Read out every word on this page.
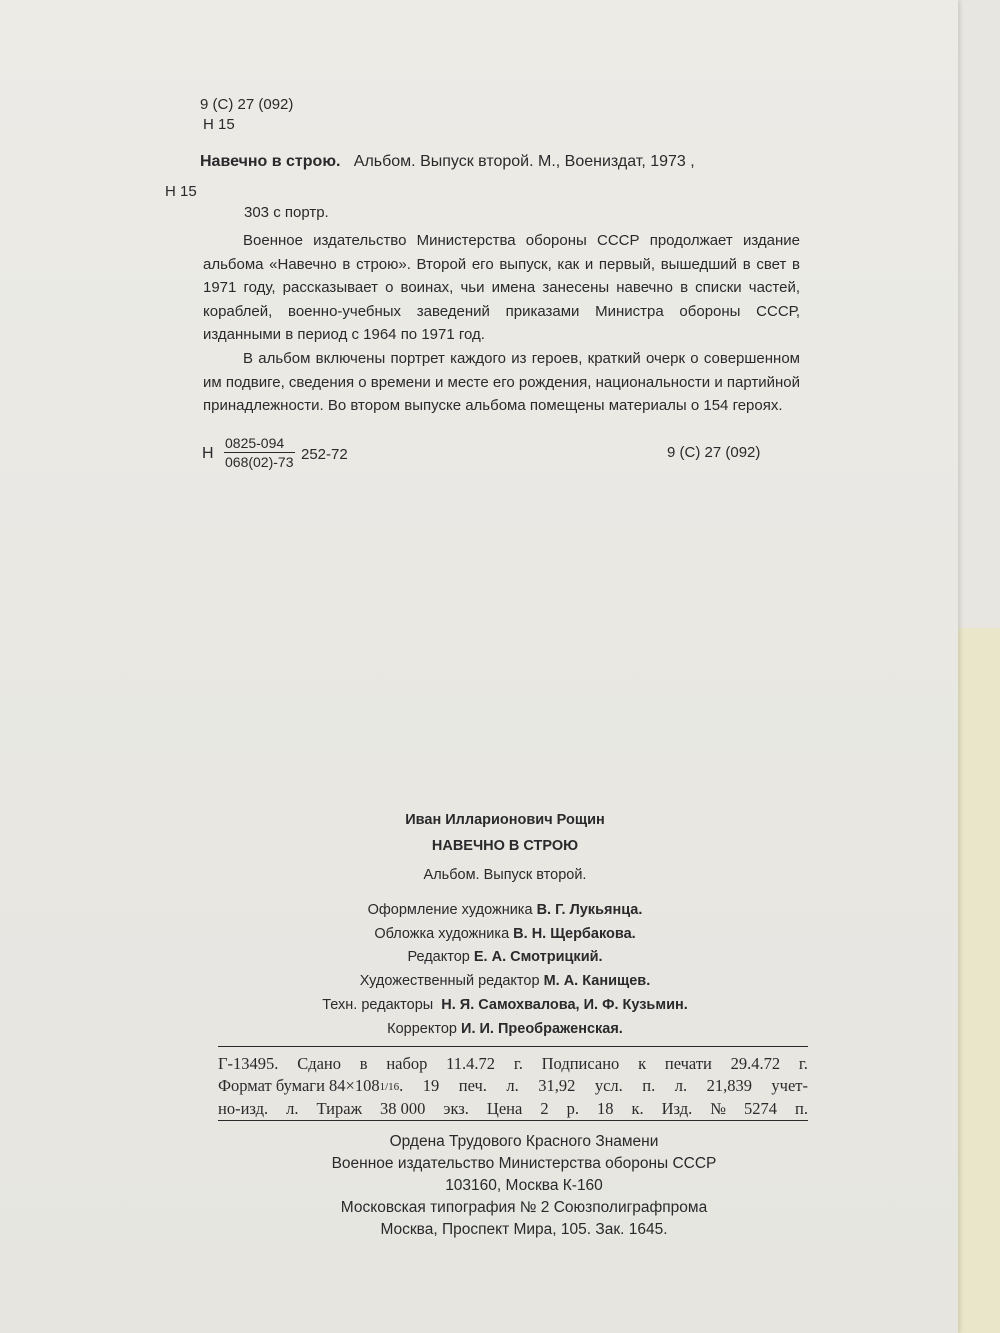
9 (С) 27 (092)
Н 15
Навечно в строю. Альбом. Выпуск второй. М., Воениздат, 1973 ,
Н 15
303 с портр.

Военное издательство Министерства обороны СССР продолжает издание альбома «Навечно в строю». Второй его выпуск, как и первый, вышедший в свет в 1971 году, рассказывает о воинах, чьи имена занесены навечно в списки частей, кораблей, военно-учебных заведений приказами Министра обороны СССР, изданными в период с 1964 по 1971 год.

В альбом включены портрет каждого из героев, краткий очерк о совершенном им подвиге, сведения о времени и месте его рождения, национальности и партийной принадлежности. Во втором выпуске альбома помещены материалы о 154 героях.

Н $\frac{0825-094}{068(02)-73} 252-72$	9 (С) 27 (092)
Иван Илларионович Рощин
НАВЕЧНО В СТРОЮ
Альбом. Выпуск второй.
Оформление художника В. Г. Лукьянца.
Обложка художника В. Н. Щербакова.
Редактор Е. А. Смотрицкий.
Художественный редактор М. А. Канищев.
Техн. редакторы Н. Я. Самохвалова, И. Ф. Кузьмин.
Корректор И. И. Преображенская.
Г-13495. Сдано в набор 11.4.72 г. Подписано к печати 29.4.72 г.
Формат бумаги 84×1081/16. 19 печ. л. 31,92 усл. п. л. 21,839 учет-
но-изд. л. Тираж 38 000 экз. Цена 2 р. 18 к. Изд. № 5274 п.
Ордена Трудового Красного Знамени
Военное издательство Министерства обороны СССР
103160, Москва К-160
Московская типография № 2 Союзполиграфпрома
Москва, Проспект Мира, 105. Зак. 1645.
